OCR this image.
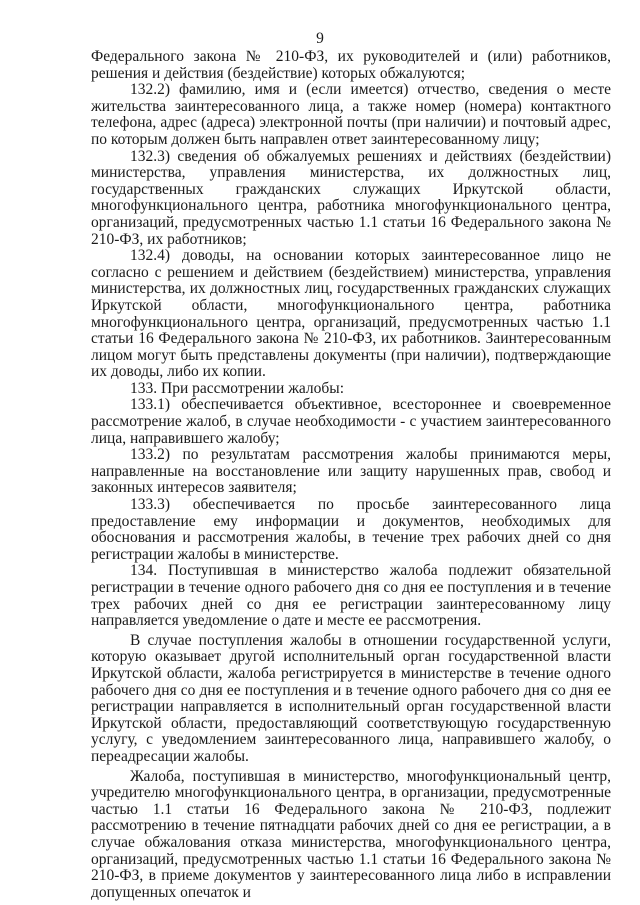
9

Федерального закона № 210-ФЗ, их руководителей и (или) работников, решения и действия (бездействие) которых обжалуются;

132.2) фамилию, имя и (если имеется) отчество, сведения о месте жительства заинтересованного лица, а также номер (номера) контактного телефона, адрес (адреса) электронной почты (при наличии) и почтовый адрес, по которым должен быть направлен ответ заинтересованному лицу;

132.3) сведения об обжалуемых решениях и действиях (бездействии) министерства, управления министерства, их должностных лиц, государственных гражданских служащих Иркутской области, многофункционального центра, работника многофункционального центра, организаций, предусмотренных частью 1.1 статьи 16 Федерального закона № 210-ФЗ, их работников;

132.4) доводы, на основании которых заинтересованное лицо не согласно с решением и действием (бездействием) министерства, управления министерства, их должностных лиц, государственных гражданских служащих Иркутской области, многофункционального центра, работника многофункционального центра, организаций, предусмотренных частью 1.1 статьи 16 Федерального закона № 210-ФЗ, их работников. Заинтересованным лицом могут быть представлены документы (при наличии), подтверждающие их доводы, либо их копии.

133. При рассмотрении жалобы:

133.1) обеспечивается объективное, всестороннее и своевременное рассмотрение жалоб, в случае необходимости - с участием заинтересованного лица, направившего жалобу;

133.2) по результатам рассмотрения жалобы принимаются меры, направленные на восстановление или защиту нарушенных прав, свобод и законных интересов заявителя;

133.3) обеспечивается по просьбе заинтересованного лица предоставление ему информации и документов, необходимых для обоснования и рассмотрения жалобы, в течение трех рабочих дней со дня регистрации жалобы в министерстве.

134. Поступившая в министерство жалоба подлежит обязательной регистрации в течение одного рабочего дня со дня ее поступления и в течение трех рабочих дней со дня ее регистрации заинтересованному лицу направляется уведомление о дате и месте ее рассмотрения.

В случае поступления жалобы в отношении государственной услуги, которую оказывает другой исполнительный орган государственной власти Иркутской области, жалоба регистрируется в министерстве в течение одного рабочего дня со дня ее поступления и в течение одного рабочего дня со дня ее регистрации направляется в исполнительный орган государственной власти Иркутской области, предоставляющий соответствующую государственную услугу, с уведомлением заинтересованного лица, направившего жалобу, о переадресации жалобы.

Жалоба, поступившая в министерство, многофункциональный центр, учредителю многофункционального центра, в организации, предусмотренные частью 1.1 статьи 16 Федерального закона № 210-ФЗ, подлежит рассмотрению в течение пятнадцати рабочих дней со дня ее регистрации, а в случае обжалования отказа министерства, многофункционального центра, организаций, предусмотренных частью 1.1 статьи 16 Федерального закона № 210-ФЗ, в приеме документов у заинтересованного лица либо в исправлении допущенных опечаток и
